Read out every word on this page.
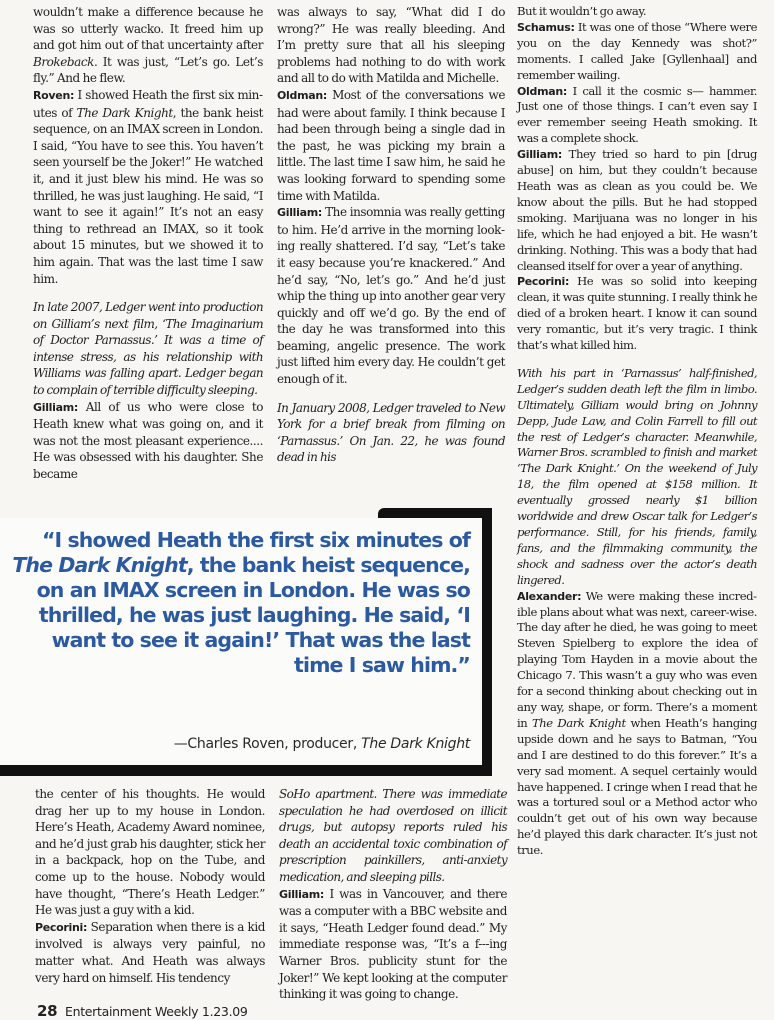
wouldn’t make a difference because he was so utterly wacko. It freed him up and got him out of that uncertainty after Brokeback. It was just, “Let’s go. Let’s fly.” And he flew.

Roven: I showed Heath the first six minutes of The Dark Knight, the bank heist sequence, on an IMAX screen in London. I said, “You have to see this. You haven’t seen yourself be the Joker!” He watched it, and it just blew his mind. He was so thrilled, he was just laughing. He said, “I want to see it again!” It’s not an easy thing to rethread an IMAX, so it took about 15 minutes, but we showed it to him again. That was the last time I saw him.

In late 2007, Ledger went into production on Gilliam’s next film, ‘The Imaginarium of Doctor Parnassus.’ It was a time of intense stress, as his relationship with Williams was falling apart. Ledger began to complain of terrible difficulty sleeping.

Gilliam: All of us who were close to Heath knew what was going on, and it was not the most pleasant experience.... He was obsessed with his daughter. She became

was always to say, “What did I do wrong?” He was really bleeding. And I’m pretty sure that all his sleeping problems had nothing to do with work and all to do with Matilda and Michelle.

Oldman: Most of the conversations we had were about family. I think because I had been through being a single dad in the past, he was picking my brain a little. The last time I saw him, he said he was looking forward to spending some time with Matilda.

Gilliam: The insomnia was really getting to him. He’d arrive in the morning looking really shattered. I’d say, “Let’s take it easy because you’re knackered.” And he’d say, “No, let’s go.” And he’d just whip the thing up into another gear very quickly and off we’d go. By the end of the day he was transformed into this beaming, angelic presence. The work just lifted him every day. He couldn’t get enough of it.

In January 2008, Ledger traveled to New York for a brief break from filming on ‘Parnassus.’ On Jan. 22, he was found dead in his

But it wouldn’t go away.

Schamus: It was one of those “Where were you on the day Kennedy was shot?” moments. I called Jake [Gyllenhaal] and remember wailing.

Oldman: I call it the cosmic s— hammer. Just one of those things. I can’t even say I ever remember seeing Heath smoking. It was a complete shock.

Gilliam: They tried so hard to pin [drug abuse] on him, but they couldn’t because Heath was as clean as you could be. We know about the pills. But he had stopped smoking. Marijuana was no longer in his life, which he had enjoyed a bit. He wasn’t drinking. Nothing. This was a body that had cleansed itself for over a year of anything.

Pecorini: He was so solid into keeping clean, it was quite stunning. I really think he died of a broken heart. I know it can sound very romantic, but it’s very tragic. I think that’s what killed him.

With his part in ‘Parnassus’ half-finished, Ledger’s sudden death left the film in limbo. Ultimately, Gilliam would bring on Johnny Depp, Jude Law, and Colin Farrell to fill out the rest of Ledger’s character. Meanwhile, Warner Bros. scrambled to finish and market ‘The Dark Knight.’ On the weekend of July 18, the film opened at $158 million. It eventually grossed nearly $1 billion worldwide and drew Oscar talk for Ledger’s performance. Still, for his friends, family, fans, and the filmmaking community, the shock and sadness over the actor’s death lingered.

Alexander: We were making these incredible plans about what was next, career-wise. The day after he died, he was going to meet Steven Spielberg to explore the idea of playing Tom Hayden in a movie about the Chicago 7. This wasn’t a guy who was even for a second thinking about checking out in any way, shape, or form. There’s a moment in The Dark Knight when Heath’s hanging upside down and he says to Batman, “You and I are destined to do this forever.” It’s a very sad moment. A sequel certainly would have happened. I cringe when I read that he was a tortured soul or a Method actor who couldn’t get out of his own way because he’d played this dark character. It’s just not true.

“I showed Heath the first six minutes of The Dark Knight, the bank heist sequence, on an IMAX screen in London. He was so thrilled, he was just laughing. He said, ‘I want to see it again!’ That was the last time I saw him.”
—Charles Roven, producer, The Dark Knight

the center of his thoughts. He would drag her up to my house in London. Here’s Heath, Academy Award nominee, and he’d just grab his daughter, stick her in a backpack, hop on the Tube, and come up to the house. Nobody would have thought, “There’s Heath Ledger.” He was just a guy with a kid.

Pecorini: Separation when there is a kid involved is always very painful, no matter what. And Heath was always very hard on himself. His tendency

SoHo apartment. There was immediate speculation he had overdosed on illicit drugs, but autopsy reports ruled his death an accidental toxic combination of prescription painkillers, anti-anxiety medication, and sleeping pills.

Gilliam: I was in Vancouver, and there was a computer with a BBC website and it says, “Heath Ledger found dead.” My immediate response was, “It’s a f---ing Warner Bros. publicity stunt for the Joker!” We kept looking at the computer thinking it was going to change.

28 Entertainment Weekly 1.23.09
